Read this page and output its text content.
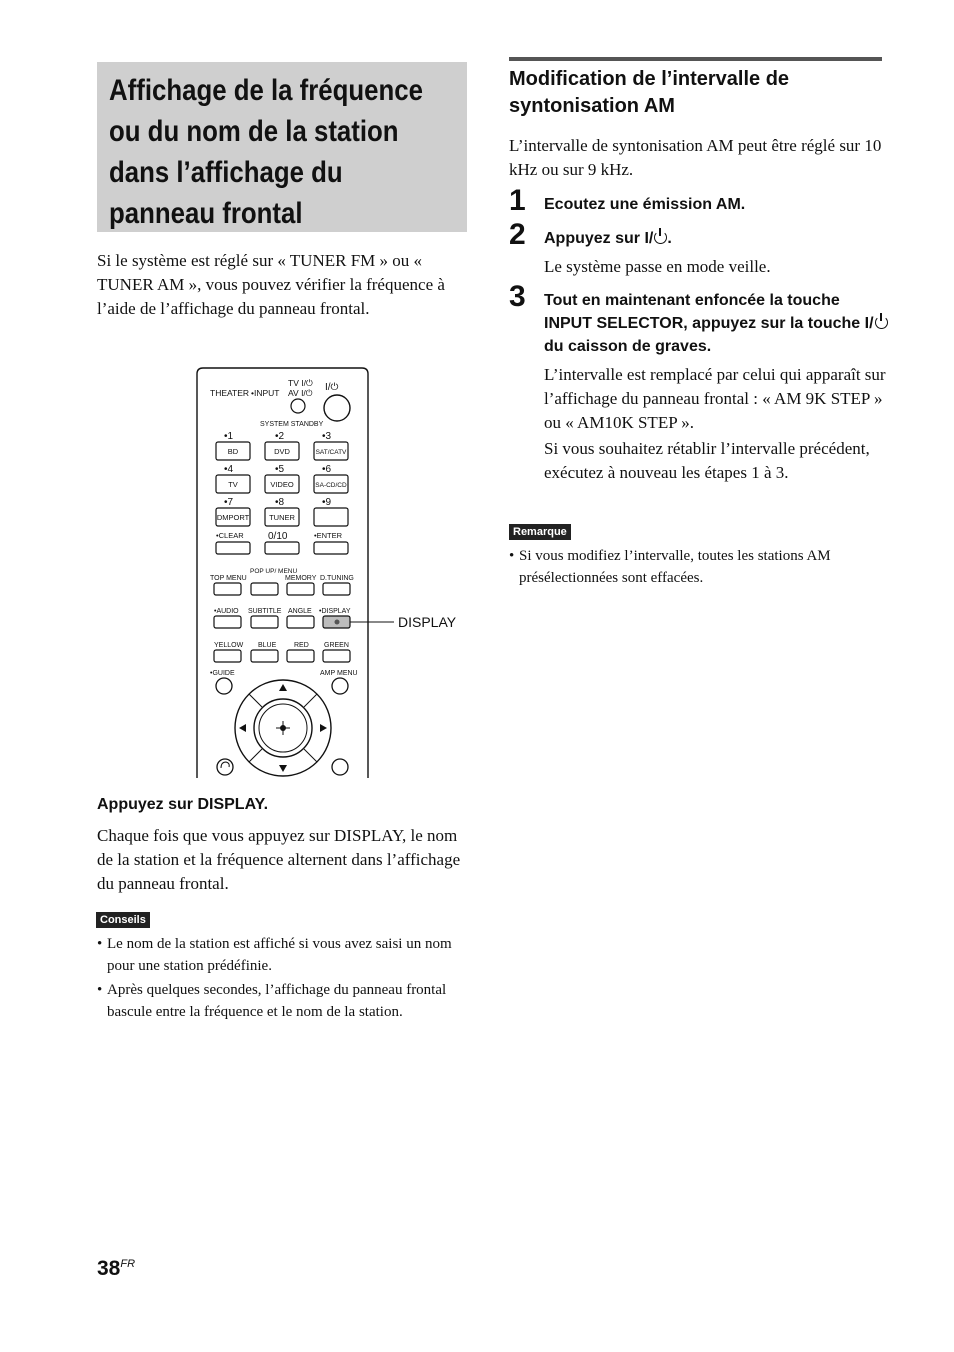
Affichage de la fréquence
ou du nom de la station
dans l’affichage du
panneau frontal
Si le système est réglé sur « TUNER FM » ou « TUNER AM », vous pouvez vérifier la fréquence à l’aide de l’affichage du panneau frontal.
THEATER •INPUT
TV I/⏻
AV I/⏻ I/⏻
SYSTEM STANDBY
•1	•2	•3
•4	•5	•6
•7	•8	•9
0/10
BD	DVD	SAT/CATV
TV	VIDEO	SA-CD/CD
DMPORT	TUNER
•CLEAR	•ENTER
TOP MENU
POP UP/ MENU
MEMORY D.TUNING
•AUDIO SUBTITLE ANGLE •DISPLAY
DISPLAY
YELLOW BLUE	RED GREEN
•GUIDE	AMP MENU
Appuyez sur DISPLAY.
Chaque fois que vous appuyez sur DISPLAY, le nom de la station et la fréquence alternent dans l’affichage du panneau frontal.
Conseils
• Le nom de la station est affiché si vous avez saisi un nom pour une station prédéfinie.
• Après quelques secondes, l’affichage du panneau frontal bascule entre la fréquence et le nom de la station.
Modification de l’intervalle de
syntonisation AM
L’intervalle de syntonisation AM peut être réglé sur 10 kHz ou sur 9 kHz.
1 Ecoutez une émission AM.
2 Appuyez sur I/ .
Le système passe en mode veille.
3 Tout en maintenant enfoncée la touche INPUT SELECTOR, appuyez sur la touche I/ du caisson de graves.
L’intervalle est remplacé par celui qui apparaît sur l’affichage du panneau frontal : « AM 9K STEP » ou « AM10K STEP ».
Si vous souhaitez rétablir l’intervalle précédent, exécutez à nouveau les étapes 1 à 3.
Remarque
• Si vous modifiez l’intervalle, toutes les stations AM présélectionnées sont effacées.
$38^{FR}$
